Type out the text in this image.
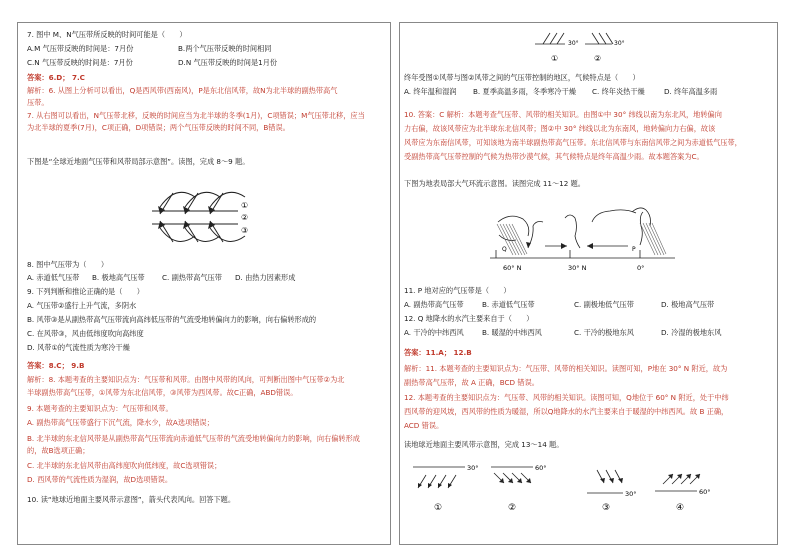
7. 图中 M、N气压带所反映的时间可能是（　　）
A.M 气压带反映的时间是：7月份	B.两个气压带反映的时间相同
C.N 气压带反映的时间是：7月份	D.N 气压带反映的时间是1月份
答案：6.D； 7.C
解析：6. 从图上分析可以看出，Q是西风带(西南风)，P是东北信风带，故N为北半球的副热带高气
压带。
7. 从右图可以看出，N气压带北移，反映的时间应当为北半球的冬季(1月)，C项错误；M气压带北移，应当
为北半球的夏季(7月)，C项正确，D项错误；两个气压带反映的时间不同，B错误。
下图是“全球近地面气压带和风带局部示意图”。读图，完成 8～9 题。
①
②
③
8. 图中气压带为（　　）
A. 赤道低气压带 B. 极地高气压带 C. 副热带高气压带 D. 由热力因素形成
9. 下列判断和推论正确的是（　　）
A. 气压带②盛行上升气流，多阴水
B. 风带③是从副热带高气压带流向高纬低压带的气流受地转偏向力的影响，向右偏转形成的
C. 在风带③，风由低纬度吹向高纬度
D. 风带①的气流性质为寒冷干燥
答案：8.C； 9.B
解析：8. 本题考查的主要知识点为：气压带和风带。由图中风带的风向，可判断出图中气压带②为北
半球副热带高气压带，①风带为东北信风带，③风带为西风带。故C正确，ABD错误。
9. 本题考查的主要知识点为：气压带和风带。
A. 副热带高气压带盛行下沉气流，降水少，故A选项错误；
B. 北半球的东北信风带是从副热带高气压带流向赤道低气压带的气流受地转偏向力的影响，向右偏转形成
的，故B选项正确；
C. 北半球的东北信风带由高纬度吹向低纬度，故C选项错误；
D. 西风带的气流性质为湿润，故D选项错误。
10. 读“地球近地面主要风带示意图”，箭头代表风向。回答下题。
30°	30°
①	②
终年受图①风带与图②风带之间的气压带控制的地区，气候特点是（　　）
A. 终年温和湿润 B. 夏季高温多雨，冬季寒冷干燥 C. 终年炎热干燥	D. 终年高温多雨
10. 答案：C 解析：本题考查气压带、风带的相关知识。由图①中 30° 纬线以南为东北风，地转偏向
力右偏，故该风带应为北半球东北信风带；图②中 30° 纬线以北为东南风，地转偏向力右偏，故该
风带应为东南信风带，可知该地为南半球副热带高气压带。东北信风带与东南信风带之间为赤道低气压带，
受副热带高气压带控制的气候为热带沙漠气候，其气候特点是终年高温少雨。故本题答案为C。
下图为地表局部大气环流示意图。读图完成 11～12 题。
Q	P
60° N	30° N	0°
11. P 地对应的气压带是（　　）
A. 副热带高气压带	B. 赤道低气压带	C. 副极地低气压带	D. 极地高气压带
12. Q 地降水的水汽主要来自于（　　）
A. 干冷的中纬西风	B. 暖湿的中纬西风	C. 干冷的极地东风	D. 冷湿的极地东风
答案：11.A； 12.B
解析：11. 本题考查的主要知识点为：气压带、风带的相关知识。读图可知，P地在 30° N 附近，故为
副热带高气压带，故 A 正确，BCD 错误。
12. 本题考查的主要知识点为：气压带、风带的相关知识。读图可知，Q地位于 60° N 附近，处于中纬
西风带的迎风坡，西风带的性质为暖湿，所以Q地降水的水汽主要来自于暖湿的中纬西风。故 B 正确，
ACD 错误。
读地球近地面主要风带示意图，完成 13～14 题。
30°	60°
30°	60°
①	②	③	④
